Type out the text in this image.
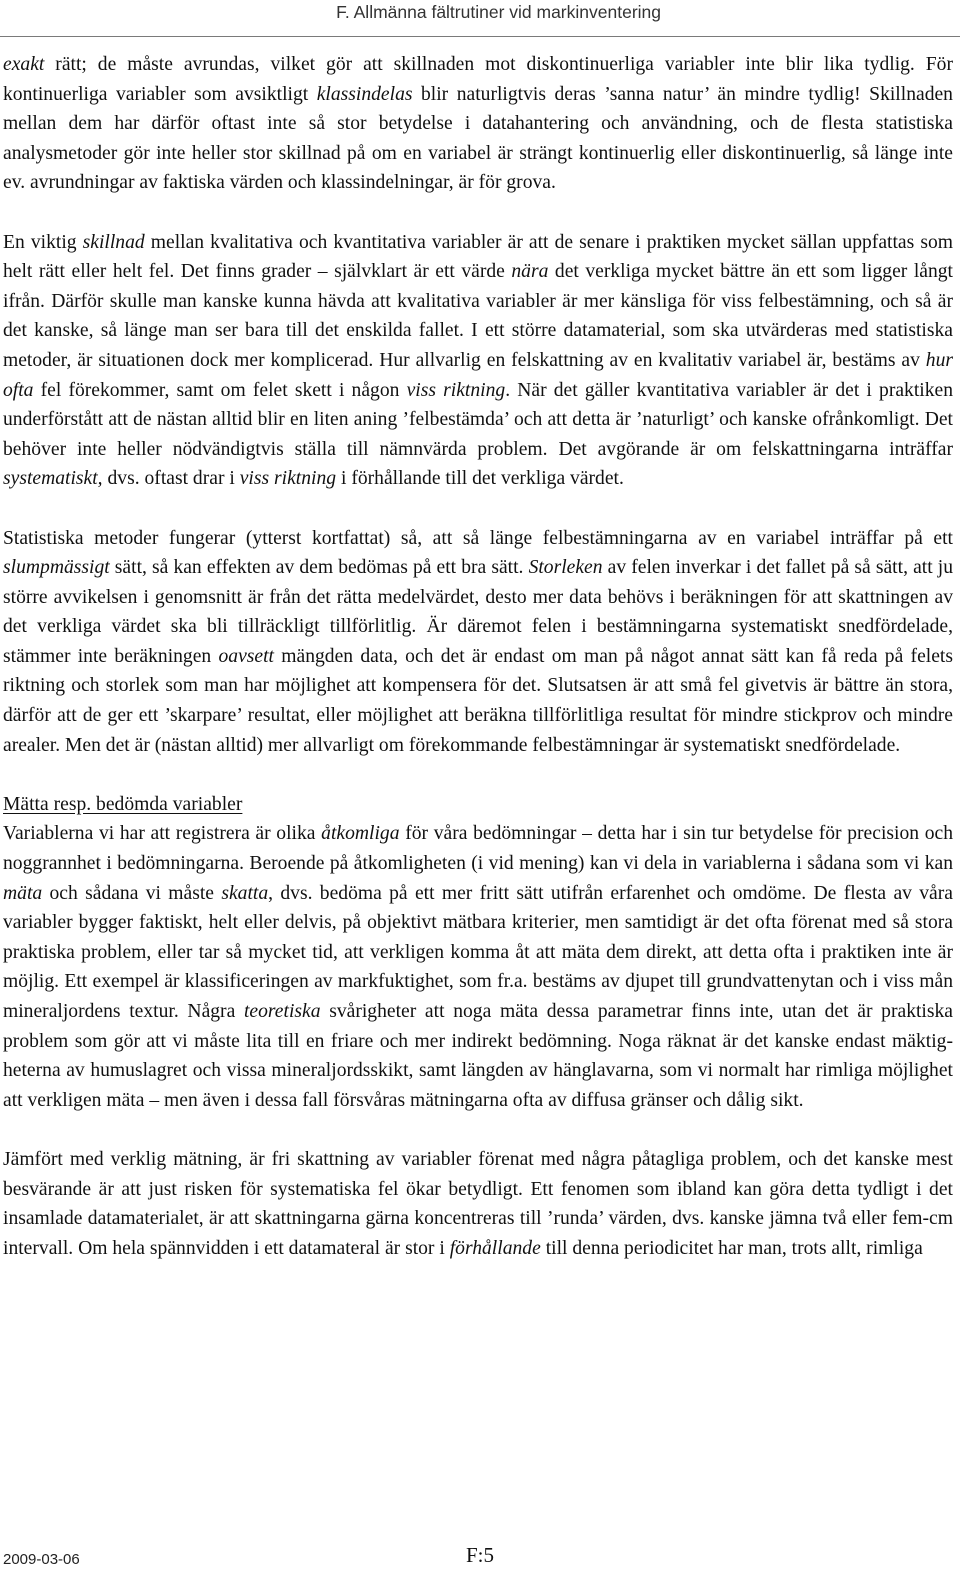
F. Allmänna fältrutiner vid markinventering

exakt rätt; de måste avrundas, vilket gör att skillnaden mot diskontinuerliga variabler inte blir lika tydlig. För kontinuerliga variabler som avsiktligt klassindelas blir naturligtvis deras ’sanna natur’ än mindre tydlig! Skillnaden mellan dem har därför oftast inte så stor betydelse i datahantering och användning, och de flesta statistiska analysmetoder gör inte heller stor skillnad på om en variabel är strängt kontinuerlig eller diskontinuerlig, så länge inte ev. avrundningar av faktiska värden och klassindelningar, är för grova.

En viktig skillnad mellan kvalitativa och kvantitativa variabler är att de senare i praktiken mycket sällan uppfattas som helt rätt eller helt fel. Det finns grader – självklart är ett värde nära det verkliga mycket bättre än ett som ligger långt ifrån. Därför skulle man kanske kunna hävda att kvalitativa variabler är mer känsliga för viss felbestämning, och så är det kanske, så länge man ser bara till det enskilda fallet. I ett större datamaterial, som ska utvärderas med statistiska metoder, är situationen dock mer komplicerad. Hur allvarlig en felskattning av en kvalitativ variabel är, bestäms av hur ofta fel förekommer, samt om felet skett i någon viss riktning. När det gäller kvantitativa variabler är det i praktiken underförstått att de nästan alltid blir en liten aning ’felbestämda’ och att detta är ’naturligt’ och kanske ofrånkomligt. Det behöver inte heller nödvändigtvis ställa till nämnvärda problem. Det avgörande är om felskattningarna inträffar systematiskt, dvs. oftast drar i viss riktning i förhållande till det verkliga värdet.

Statistiska metoder fungerar (ytterst kortfattat) så, att så länge felbestämningarna av en variabel inträffar på ett slumpmässigt sätt, så kan effekten av dem bedömas på ett bra sätt. Storleken av felen inverkar i det fallet på så sätt, att ju större avvikelsen i genomsnitt är från det rätta medelvärdet, desto mer data behövs i beräkningen för att skattningen av det verkliga värdet ska bli tillräckligt tillförlitlig. Är däremot felen i bestämningarna systematiskt snedfördelade, stämmer inte beräkningen oavsett mängden data, och det är endast om man på något annat sätt kan få reda på felets riktning och storlek som man har möjlighet att kompensera för det. Slutsatsen är att små fel givetvis är bättre än stora, därför att de ger ett ’skarpare’ resultat, eller möjlighet att beräkna tillförlitliga resultat för mindre stickprov och mindre arealer. Men det är (nästan alltid) mer allvarligt om förekommande felbestämningar är systematiskt snedfördelade.

Mätta resp. bedömda variabler

Variablerna vi har att registrera är olika åtkomliga för våra bedömningar – detta har i sin tur betydelse för precision och noggrannhet i bedömningarna. Beroende på åtkomligheten (i vid mening) kan vi dela in variablerna i sådana som vi kan mäta och sådana vi måste skatta, dvs. bedöma på ett mer fritt sätt utifrån erfarenhet och omdöme. De flesta av våra variabler bygger faktiskt, helt eller delvis, på objektivt mätbara kriterier, men samtidigt är det ofta förenat med så stora praktiska problem, eller tar så mycket tid, att verkligen komma åt att mäta dem direkt, att detta ofta i praktiken inte är möjlig. Ett exempel är klassificeringen av markfuktighet, som fr.a. bestäms av djupet till grundvattenytan och i viss mån mineraljordens textur. Några teoretiska svårigheter att noga mäta dessa parametrar finns inte, utan det är praktiska problem som gör att vi måste lita till en friare och mer indirekt bedömning. Noga räknat är det kanske endast mäktigheterna av humuslagret och vissa mineraljordsskikt, samt längden av hänglavarna, som vi normalt har rimliga möjlighet att verkligen mäta – men även i dessa fall försvåras mätningarna ofta av diffusa gränser och dålig sikt.

Jämfört med verklig mätning, är fri skattning av variabler förenat med några påtagliga problem, och det kanske mest besvärande är att just risken för systematiska fel ökar betydligt. Ett fenomen som ibland kan göra detta tydligt i det insamlade datamaterialet, är att skattningarna gärna koncentreras till ’runda’ värden, dvs. kanske jämna två eller fem-cm intervall. Om hela spännvidden i ett datamateral är stor i förhållande till denna periodicitet har man, trots allt, rimliga

2009-03-06	F:5
